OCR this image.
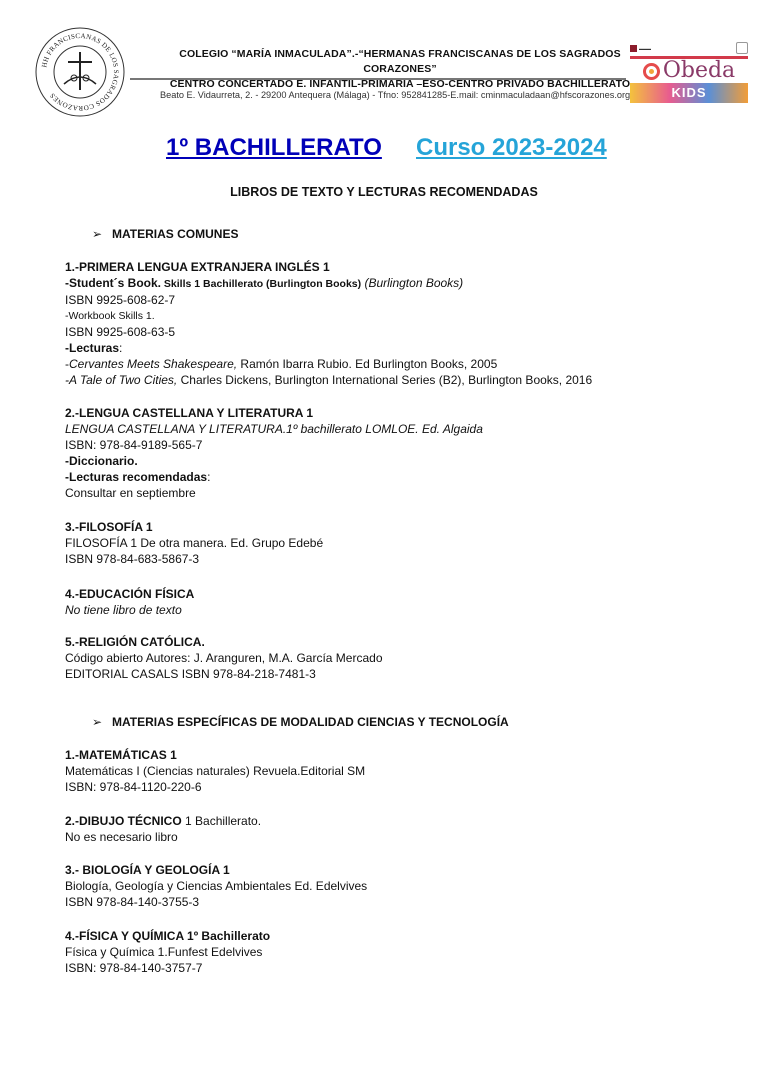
HH FRANCISCANAS DE LOS SAGRADOS CORAZONES
COLEGIO “MARÍA INMACULADA”.-“HERMANAS FRANCISCANAS DE LOS SAGRADOS CORAZONES”
CENTRO CONCERTADO E. INFANTIL-PRIMARIA –ESO-CENTRO PRIVADO BACHILLERATO
Beato E. Vidaurreta, 2. - 29200 Antequera (Málaga) - Tfno: 952841285-E.mail: cminmaculadaan@hfscorazones.org
▬▬▬
Obeda
KIDS
1º BACHILLERATO Curso 2023-2024
LIBROS DE TEXTO Y LECTURAS RECOMENDADAS
➢ MATERIAS COMUNES
1.-PRIMERA LENGUA EXTRANJERA INGLÉS 1
-Student´s Book. Skills 1 Bachillerato (Burlington Books) (Burlington Books)
ISBN 9925-608-62-7
-Workbook Skills 1.
ISBN 9925-608-63-5
-Lecturas:
-Cervantes Meets Shakespeare, Ramón Ibarra Rubio. Ed Burlington Books, 2005
-A Tale of Two Cities, Charles Dickens, Burlington International Series (B2), Burlington Books, 2016
2.-LENGUA CASTELLANA Y LITERATURA 1
LENGUA CASTELLANA Y LITERATURA.1º bachillerato LOMLOE. Ed. Algaida
ISBN: 978-84-9189-565-7
-Diccionario.
-Lecturas recomendadas:
Consultar en septiembre
3.-FILOSOFÍA 1
FILOSOFÍA 1 De otra manera. Ed. Grupo Edebé
ISBN 978-84-683-5867-3
4.-EDUCACIÓN FÍSICA
No tiene libro de texto
5.-RELIGIÓN CATÓLICA.
Código abierto Autores: J. Aranguren, M.A. García Mercado
EDITORIAL CASALS ISBN 978-84-218-7481-3
➢ MATERIAS ESPECÍFICAS DE MODALIDAD CIENCIAS Y TECNOLOGÍA
1.-MATEMÁTICAS 1
Matemáticas I (Ciencias naturales) Revuela.Editorial SM
ISBN: 978-84-1120-220-6
2.-DIBUJO TÉCNICO 1 Bachillerato.
No es necesario libro
3.- BIOLOGÍA Y GEOLOGÍA 1
Biología, Geología y Ciencias Ambientales Ed. Edelvives
ISBN 978-84-140-3755-3
4.-FÍSICA Y QUÍMICA 1º Bachillerato
Física y Química 1.Funfest Edelvives
ISBN: 978-84-140-3757-7
